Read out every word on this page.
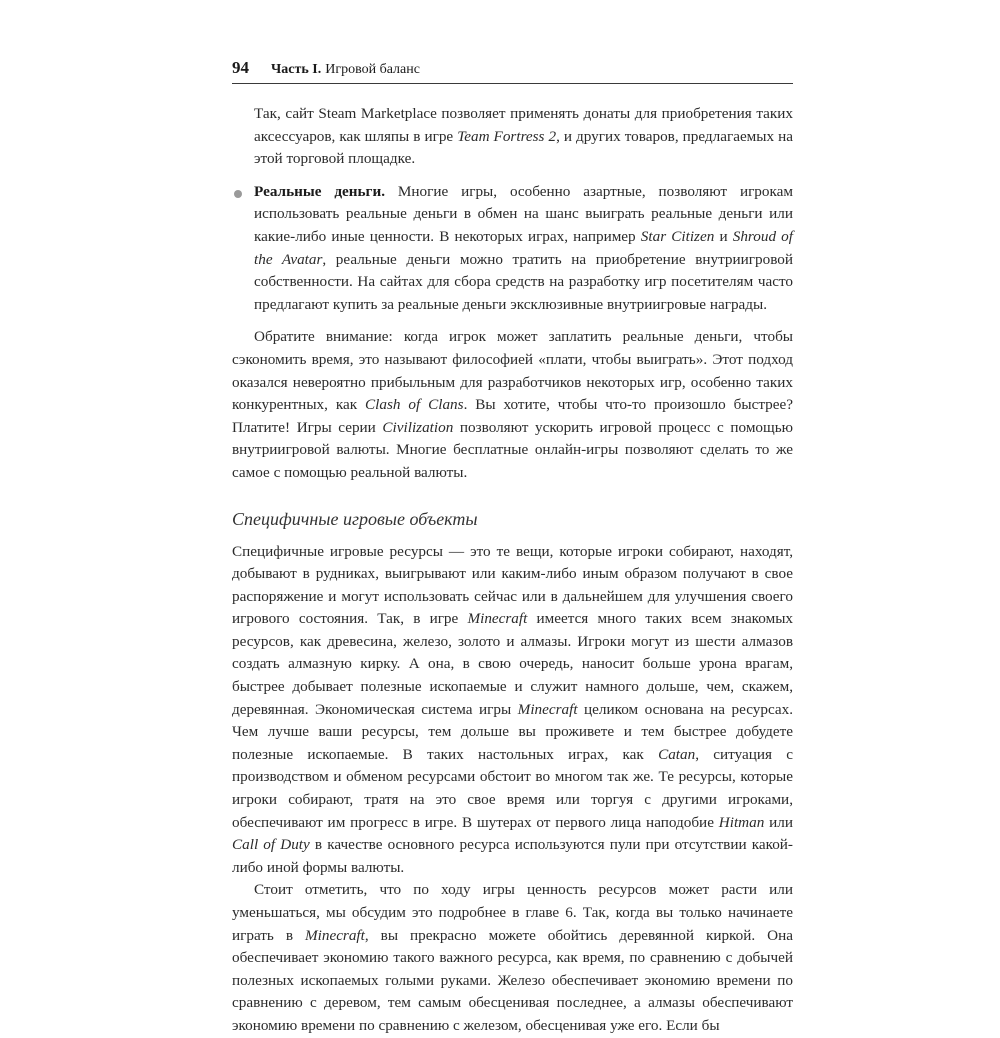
94 Часть I. Игровой баланс

Так, сайт Steam Marketplace позволяет применять донаты для приобретения таких аксессуаров, как шляпы в игре Team Fortress 2, и других товаров, предлагаемых на этой торговой площадке.

Реальные деньги. Многие игры, особенно азартные, позволяют игрокам использовать реальные деньги в обмен на шанс выиграть реальные деньги или какие-либо иные ценности. В некоторых играх, например Star Citizen и Shroud of the Avatar, реальные деньги можно тратить на приобретение внутриигровой собственности. На сайтах для сбора средств на разработку игр посетителям часто предлагают купить за реальные деньги эксклюзивные внутриигровые награды.

Обратите внимание: когда игрок может заплатить реальные деньги, чтобы сэкономить время, это называют философией «плати, чтобы выиграть». Этот подход оказался невероятно прибыльным для разработчиков некоторых игр, особенно таких конкурентных, как Clash of Clans. Вы хотите, чтобы что-то произошло быстрее? Платите! Игры серии Civilization позволяют ускорить игровой процесс с помощью внутриигровой валюты. Многие бесплатные онлайн-игры позволяют сделать то же самое с помощью реальной валюты.

Специфичные игровые объекты

Специфичные игровые ресурсы — это те вещи, которые игроки собирают, находят, добывают в рудниках, выигрывают или каким-либо иным образом получают в свое распоряжение и могут использовать сейчас или в дальнейшем для улучшения своего игрового состояния. Так, в игре Minecraft имеется много таких всем знакомых ресурсов, как древесина, железо, золото и алмазы. Игроки могут из шести алмазов создать алмазную кирку. А она, в свою очередь, наносит больше урона врагам, быстрее добывает полезные ископаемые и служит намного дольше, чем, скажем, деревянная. Экономическая система игры Minecraft целиком основана на ресурсах. Чем лучше ваши ресурсы, тем дольше вы проживете и тем быстрее добудете полезные ископаемые. В таких настольных играх, как Catan, ситуация с производством и обменом ресурсами обстоит во многом так же. Те ресурсы, которые игроки собирают, тратя на это свое время или торгуя с другими игроками, обеспечивают им прогресс в игре. В шутерах от первого лица наподобие Hitman или Call of Duty в качестве основного ресурса используются пули при отсутствии какой-либо иной формы валюты.

Стоит отметить, что по ходу игры ценность ресурсов может расти или уменьшаться, мы обсудим это подробнее в главе 6. Так, когда вы только начинаете играть в Minecraft, вы прекрасно можете обойтись деревянной киркой. Она обеспечивает экономию такого важного ресурса, как время, по сравнению с добычей полезных ископаемых голыми руками. Железо обеспечивает экономию времени по сравнению с деревом, тем самым обесценивая последнее, а алмазы обеспечивают экономию времени по сравнению с железом, обесценивая уже его. Если бы
